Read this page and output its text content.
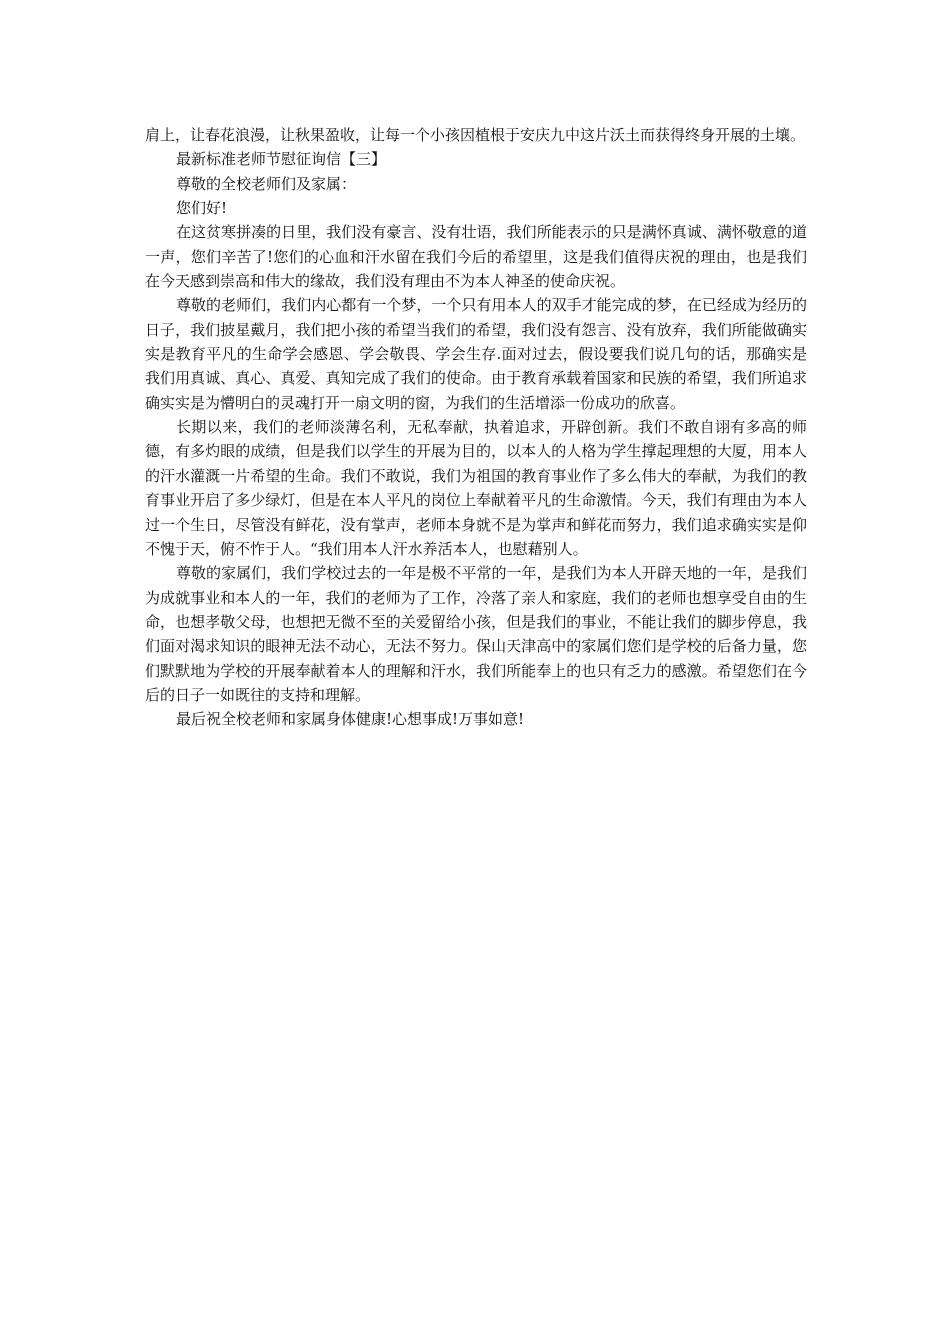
肩上，让春花浪漫，让秋果盈收，让每一个小孩因植根于安庆九中这片沃土而获得终身开展的土壤。

最新标准老师节慰征询信【三】

尊敬的全校老师们及家属：

您们好!

在这贫寒拼凑的日里，我们没有豪言、没有壮语，我们所能表示的只是满怀真诚、满怀敬意的道一声，您们辛苦了!您们的心血和汗水留在我们今后的希望里，这是我们值得庆祝的理由，也是我们在今天感到崇高和伟大的缘故，我们没有理由不为本人神圣的使命庆祝。

尊敬的老师们，我们内心都有一个梦，一个只有用本人的双手才能完成的梦，在已经成为经历的日子，我们披星戴月，我们把小孩的希望当我们的希望，我们没有怨言、没有放弃，我们所能做确实实是教育平凡的生命学会感恩、学会敬畏、学会生存.面对过去，假设要我们说几句的话，那确实是我们用真诚、真心、真爱、真知完成了我们的使命。由于教育承载着国家和民族的希望，我们所追求确实实是为懵明白的灵魂打开一扇文明的窗，为我们的生活增添一份成功的欣喜。

长期以来，我们的老师淡薄名利，无私奉献，执着追求，开辟创新。我们不敢自诩有多高的师德，有多灼眼的成绩，但是我们以学生的开展为目的，以本人的人格为学生撑起理想的大厦，用本人的汗水灌溉一片希望的生命。我们不敢说，我们为祖国的教育事业作了多么伟大的奉献，为我们的教育事业开启了多少绿灯，但是在本人平凡的岗位上奉献着平凡的生命激情。今天，我们有理由为本人过一个生日，尽管没有鲜花，没有掌声，老师本身就不是为掌声和鲜花而努力，我们追求确实实是仰不愧于天，俯不怍于人。“我们用本人汗水养活本人，也慰藉别人。

尊敬的家属们，我们学校过去的一年是极不平常的一年，是我们为本人开辟天地的一年，是我们为成就事业和本人的一年，我们的老师为了工作，冷落了亲人和家庭，我们的老师也想享受自由的生命，也想孝敬父母，也想把无微不至的关爱留给小孩，但是我们的事业，不能让我们的脚步停息，我们面对渴求知识的眼神无法不动心，无法不努力。保山天津高中的家属们您们是学校的后备力量，您们默默地为学校的开展奉献着本人的理解和汗水，我们所能奉上的也只有乏力的感激。希望您们在今后的日子一如既往的支持和理解。

最后祝全校老师和家属身体健康!心想事成!万事如意!
